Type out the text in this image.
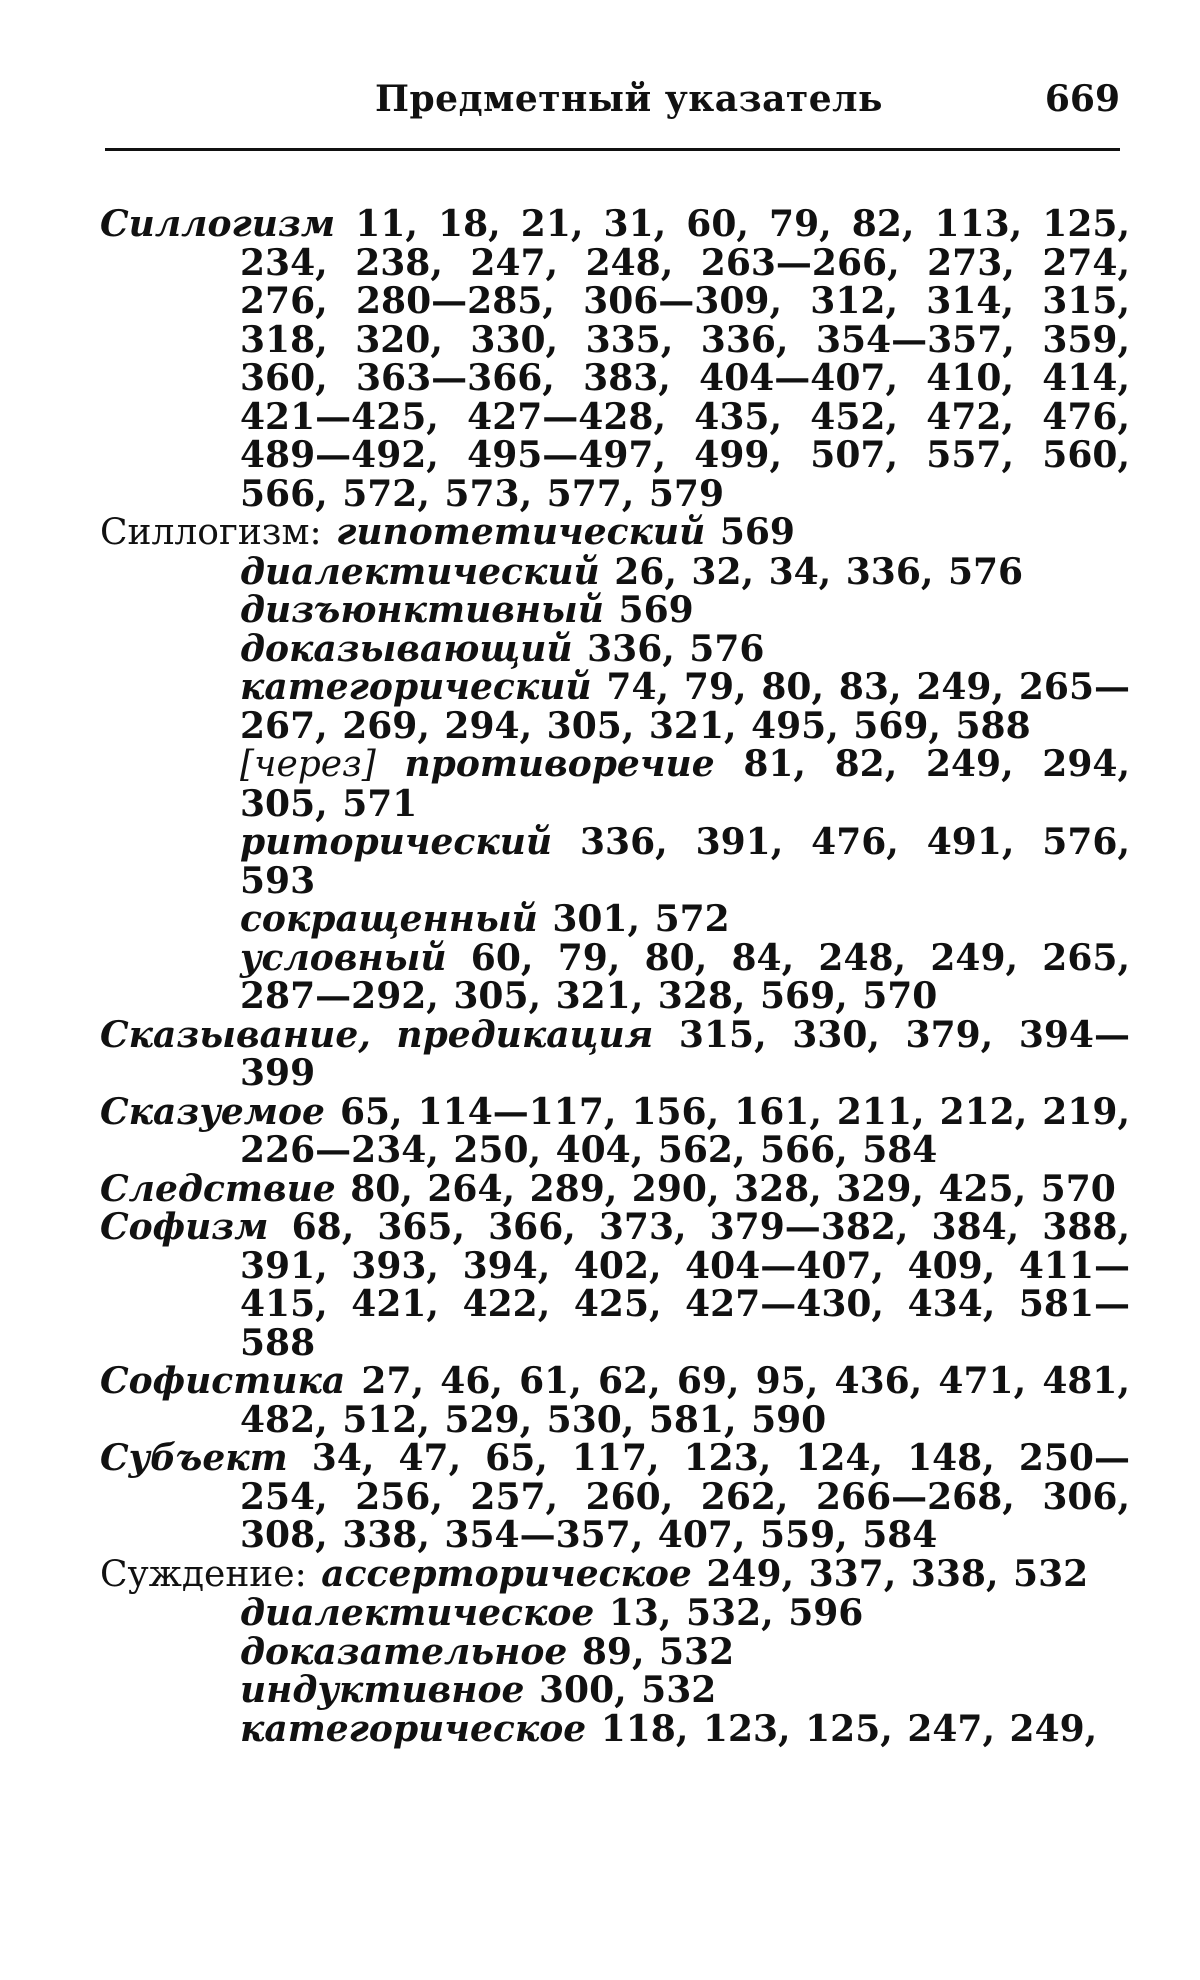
Предметный указатель	669
Силлогизм 11, 18, 21, 31, 60, 79, 82, 113, 125, 234, 238, 247, 248, 263—266, 273, 274, 276, 280—285, 306—309, 312, 314, 315, 318, 320, 330, 335, 336, 354—357, 359, 360, 363—366, 383, 404—407, 410, 414, 421—425, 427—428, 435, 452, 472, 476, 489—492, 495—497, 499, 507, 557, 560, 566, 572, 573, 577, 579
Силлогизм: гипотетический 569
диалектический 26, 32, 34, 336, 576
дизъюнктивный 569
доказывающий 336, 576
категорический 74, 79, 80, 83, 249, 265—267, 269, 294, 305, 321, 495, 569, 588
[через] противоречие 81, 82, 249, 294, 305, 571
риторический 336, 391, 476, 491, 576, 593
сокращенный 301, 572
условный 60, 79, 80, 84, 248, 249, 265, 287—292, 305, 321, 328, 569, 570
Сказывание, предикация 315, 330, 379, 394—399
Сказуемое 65, 114—117, 156, 161, 211, 212, 219, 226—234, 250, 404, 562, 566, 584
Следствие 80, 264, 289, 290, 328, 329, 425, 570
Софизм 68, 365, 366, 373, 379—382, 384, 388, 391, 393, 394, 402, 404—407, 409, 411—415, 421, 422, 425, 427—430, 434, 581—588
Софистика 27, 46, 61, 62, 69, 95, 436, 471, 481, 482, 512, 529, 530, 581, 590
Субъект 34, 47, 65, 117, 123, 124, 148, 250—254, 256, 257, 260, 262, 266—268, 306, 308, 338, 354—357, 407, 559, 584
Суждение: ассерторическое 249, 337, 338, 532
диалектическое 13, 532, 596
доказательное 89, 532
индуктивное 300, 532
категорическое 118, 123, 125, 247, 249,
